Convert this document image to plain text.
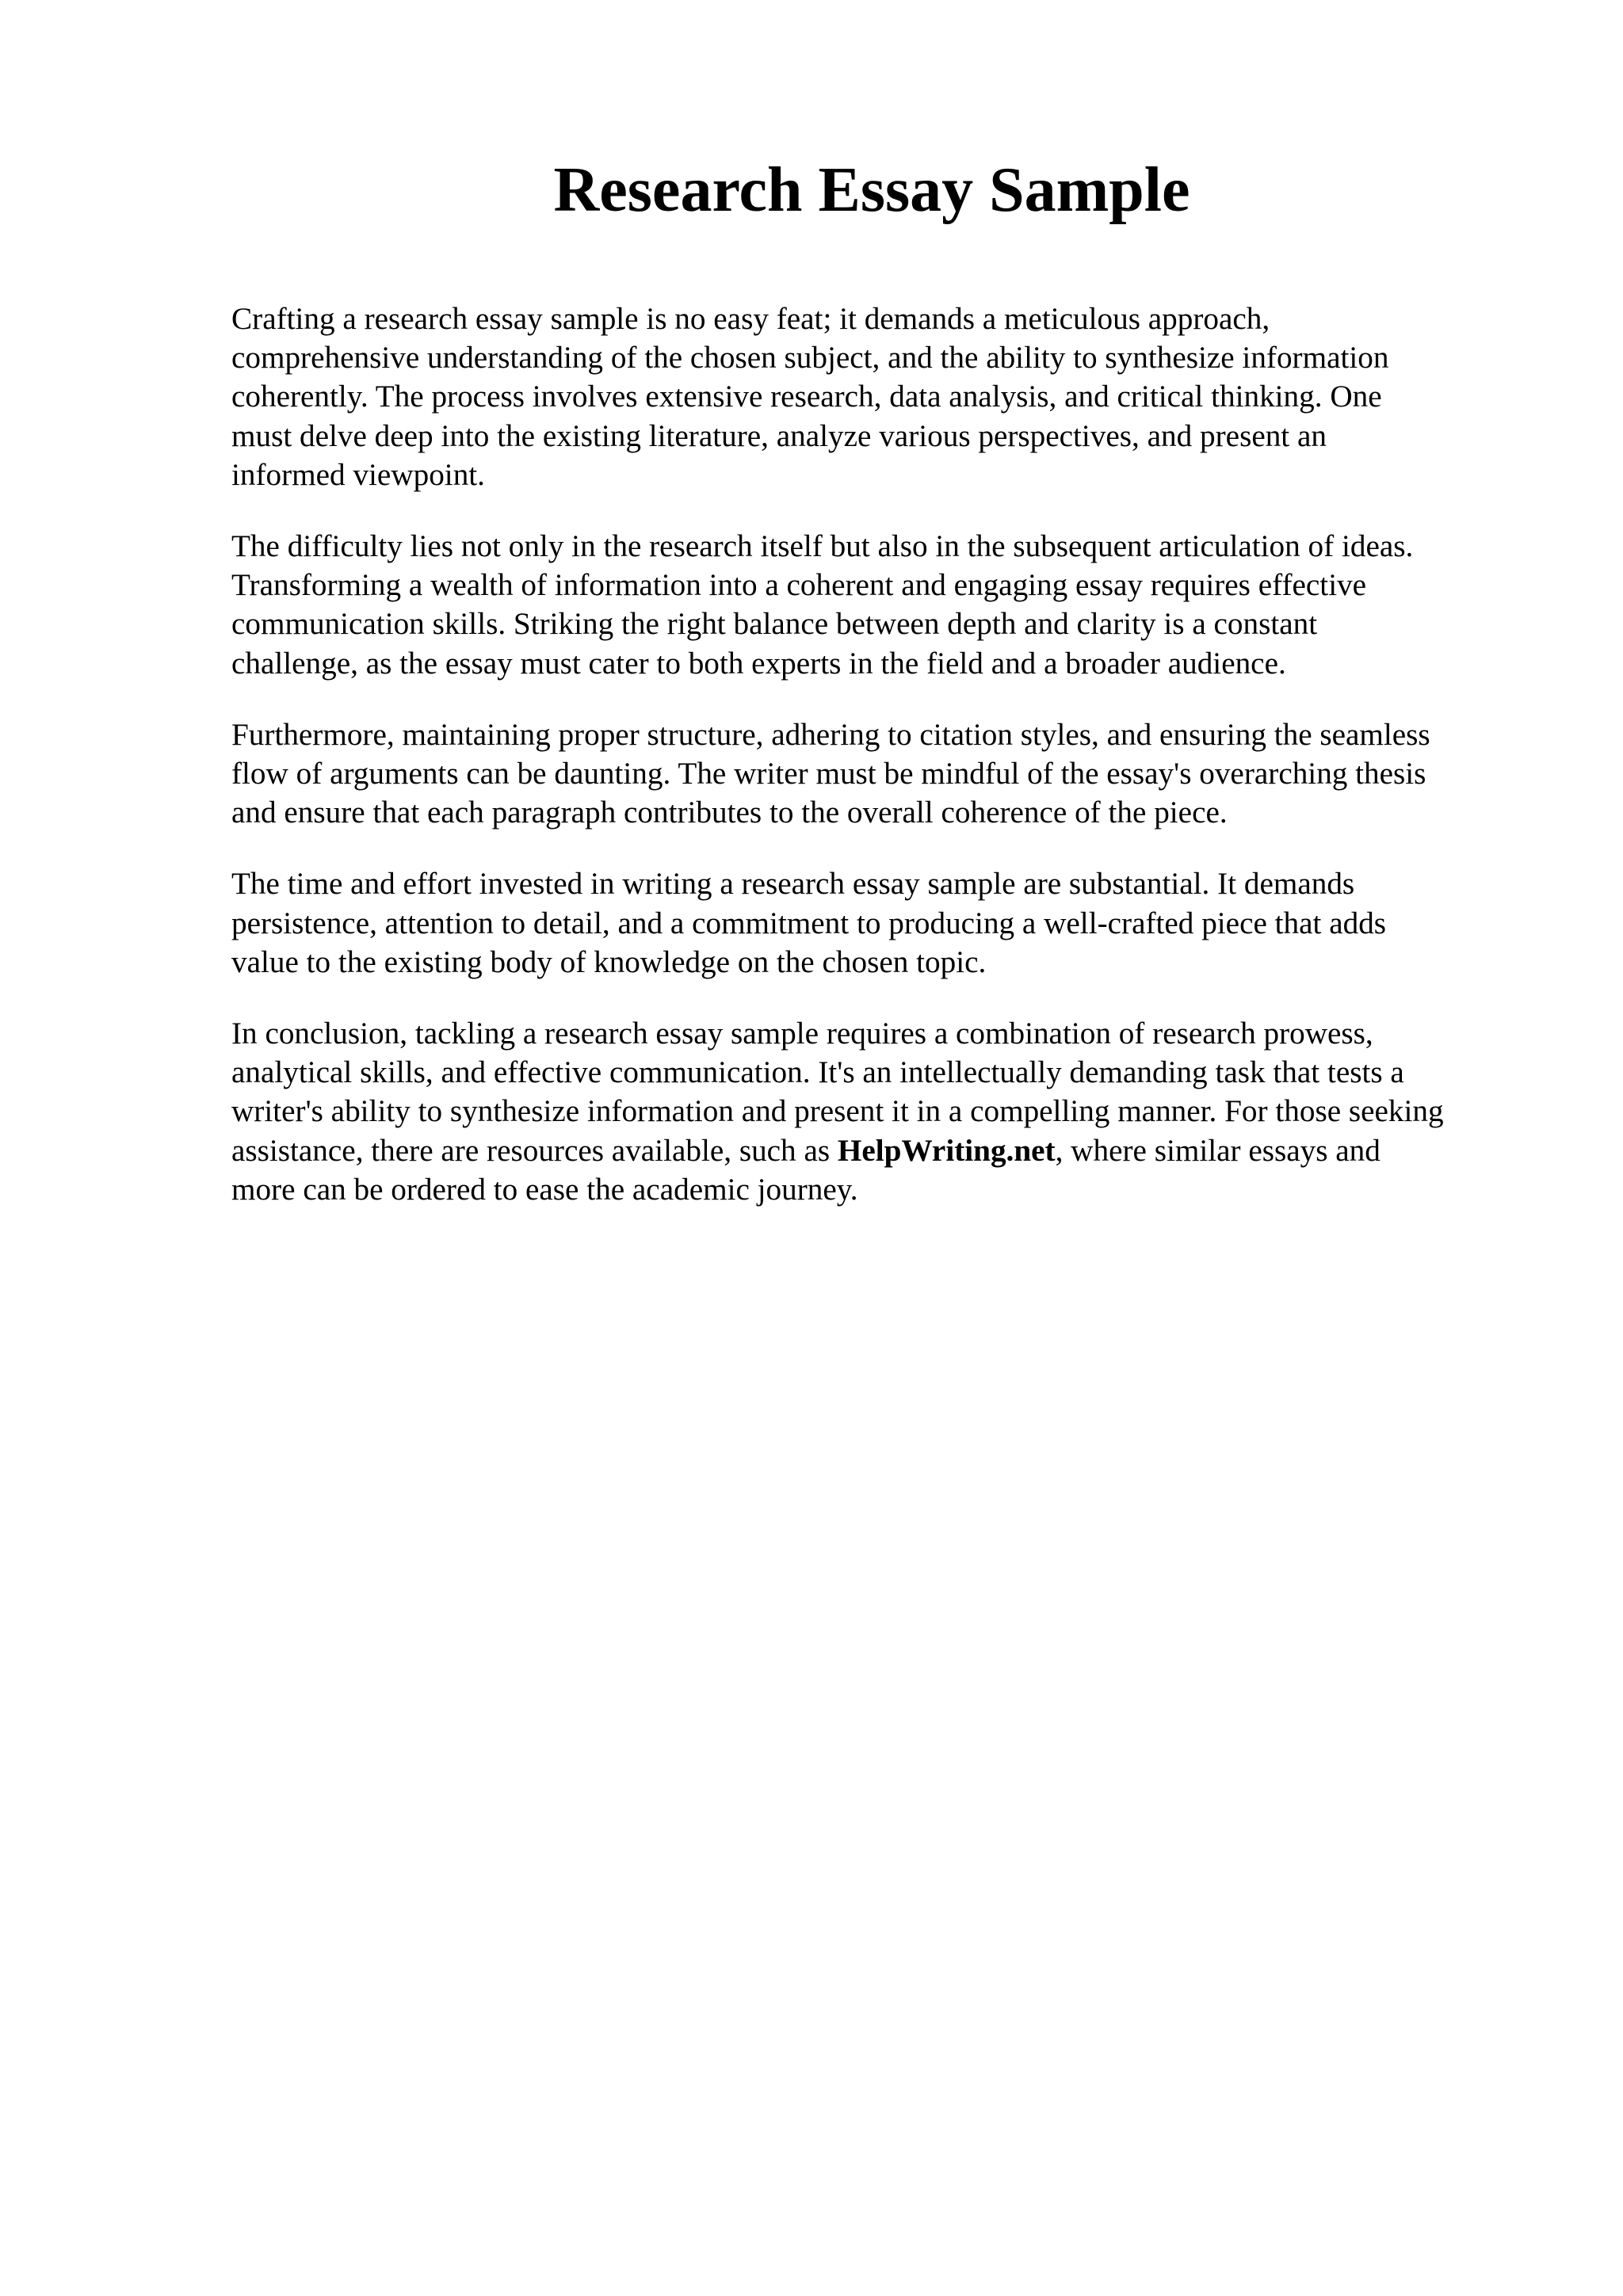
Research Essay Sample

Crafting a research essay sample is no easy feat; it demands a meticulous approach,
comprehensive understanding of the chosen subject, and the ability to synthesize information
coherently. The process involves extensive research, data analysis, and critical thinking. One
must delve deep into the existing literature, analyze various perspectives, and present an
informed viewpoint.

The difficulty lies not only in the research itself but also in the subsequent articulation of ideas.
Transforming a wealth of information into a coherent and engaging essay requires effective
communication skills. Striking the right balance between depth and clarity is a constant
challenge, as the essay must cater to both experts in the field and a broader audience.

Furthermore, maintaining proper structure, adhering to citation styles, and ensuring the seamless
flow of arguments can be daunting. The writer must be mindful of the essay's overarching thesis
and ensure that each paragraph contributes to the overall coherence of the piece.

The time and effort invested in writing a research essay sample are substantial. It demands
persistence, attention to detail, and a commitment to producing a well-crafted piece that adds
value to the existing body of knowledge on the chosen topic.

In conclusion, tackling a research essay sample requires a combination of research prowess,
analytical skills, and effective communication. It's an intellectually demanding task that tests a
writer's ability to synthesize information and present it in a compelling manner. For those seeking
assistance, there are resources available, such as HelpWriting.net, where similar essays and
more can be ordered to ease the academic journey.
